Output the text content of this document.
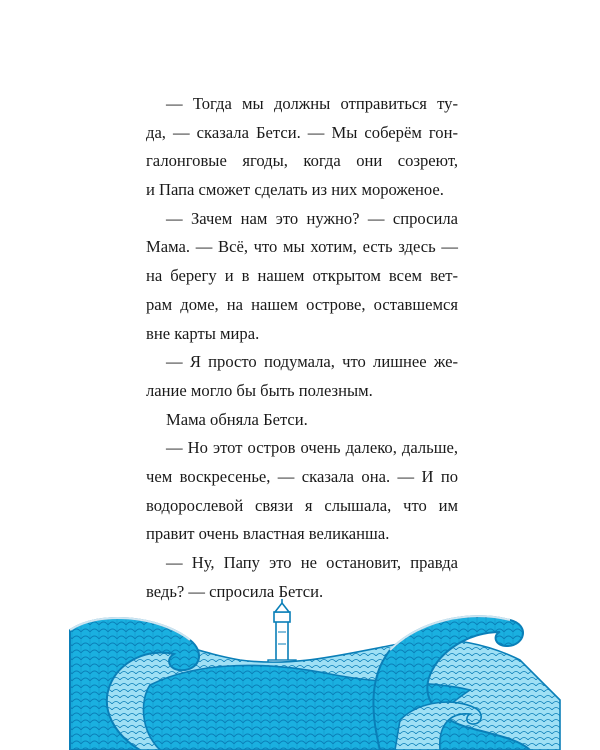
— Тогда мы должны отправиться ту-
да, — сказала Бетси. — Мы соберём гон-
галонговые ягоды, когда они созреют,
и Папа сможет сделать из них мороженое.
— Зачем нам это нужно? — спросила
Мама. — Всё, что мы хотим, есть здесь —
на берегу и в нашем открытом всем вет-
рам доме, на нашем острове, оставшемся
вне карты мира.
— Я просто подумала, что лишнее же-
лание могло бы быть полезным.
Мама обняла Бетси.
— Но этот остров очень далеко, дальше,
чем воскресенье, — сказала она. — И по
водорослевой связи я слышала, что им
правит очень властная великанша.
— Ну, Папу это не остановит, правда
ведь? — спросила Бетси.
